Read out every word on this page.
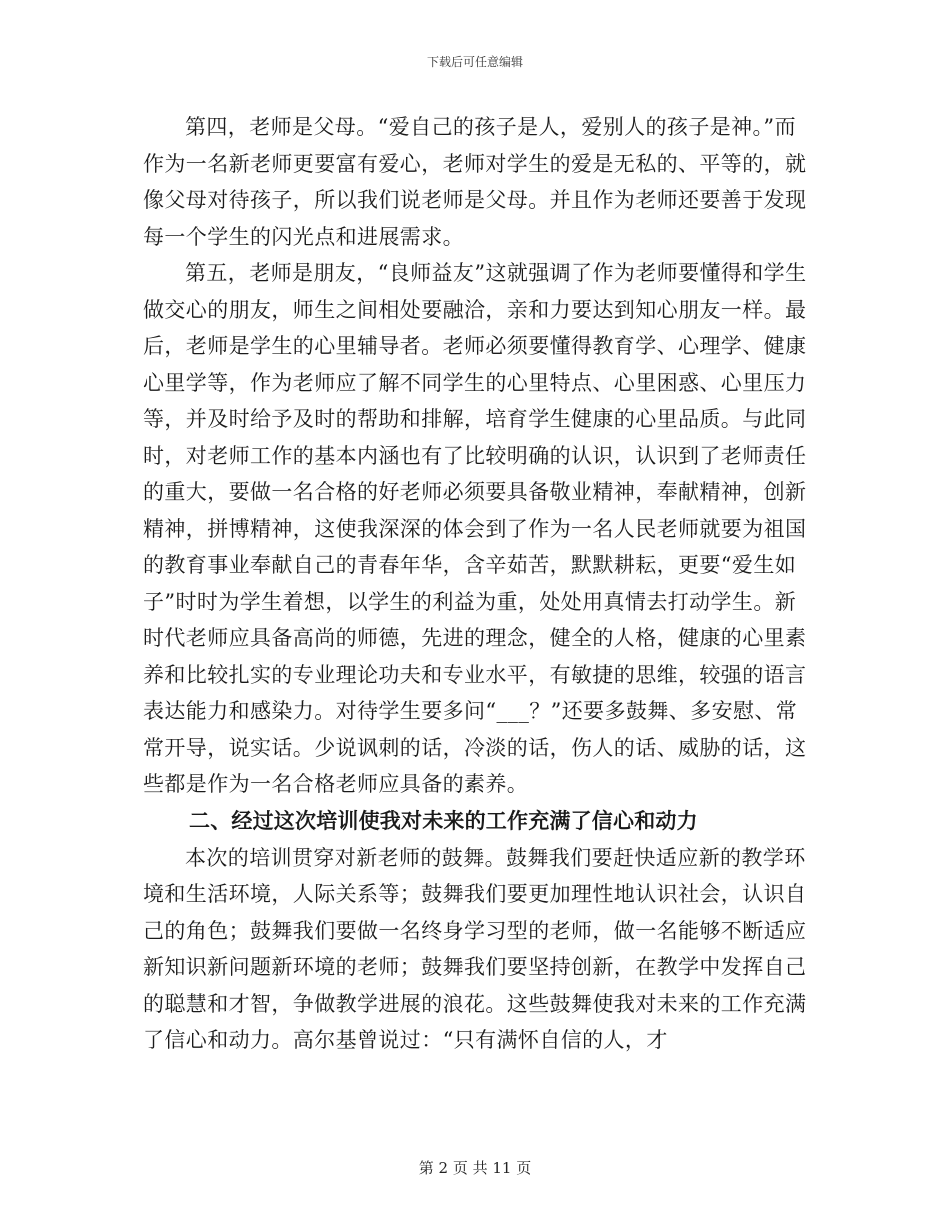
下载后可任意编辑

第四，老师是父母。“爱自己的孩子是人，爱别人的孩子是神。”而作为一名新老师更要富有爱心，老师对学生的爱是无私的、平等的，就像父母对待孩子，所以我们说老师是父母。并且作为老师还要善于发现每一个学生的闪光点和进展需求。

第五，老师是朋友，“良师益友”这就强调了作为老师要懂得和学生做交心的朋友，师生之间相处要融洽，亲和力要达到知心朋友一样。最后，老师是学生的心里辅导者。老师必须要懂得教育学、心理学、健康心里学等，作为老师应了解不同学生的心里特点、心里困惑、心里压力等，并及时给予及时的帮助和排解，培育学生健康的心里品质。与此同时，对老师工作的基本内涵也有了比较明确的认识，认识到了老师责任的重大，要做一名合格的好老师必须要具备敬业精神，奉献精神，创新精神，拼博精神，这使我深深的体会到了作为一名人民老师就要为祖国的教育事业奉献自己的青春年华，含辛茹苦，默默耕耘，更要“爱生如子”时时为学生着想，以学生的利益为重，处处用真情去打动学生。新时代老师应具备高尚的师德，先进的理念，健全的人格，健康的心里素养和比较扎实的专业理论功夫和专业水平，有敏捷的思维，较强的语言表达能力和感染力。对待学生要多问“___？”还要多鼓舞、多安慰、常常开导，说实话。少说讽刺的话，冷淡的话，伤人的话、威胁的话，这些都是作为一名合格老师应具备的素养。

二、经过这次培训使我对未来的工作充满了信心和动力

本次的培训贯穿对新老师的鼓舞。鼓舞我们要赶快适应新的教学环境和生活环境，人际关系等；鼓舞我们要更加理性地认识社会，认识自己的角色；鼓舞我们要做一名终身学习型的老师，做一名能够不断适应新知识新问题新环境的老师；鼓舞我们要坚持创新，在教学中发挥自己的聪慧和才智，争做教学进展的浪花。这些鼓舞使我对未来的工作充满了信心和动力。高尔基曾说过：“只有满怀自信的人，才

第 2 页 共 11 页
